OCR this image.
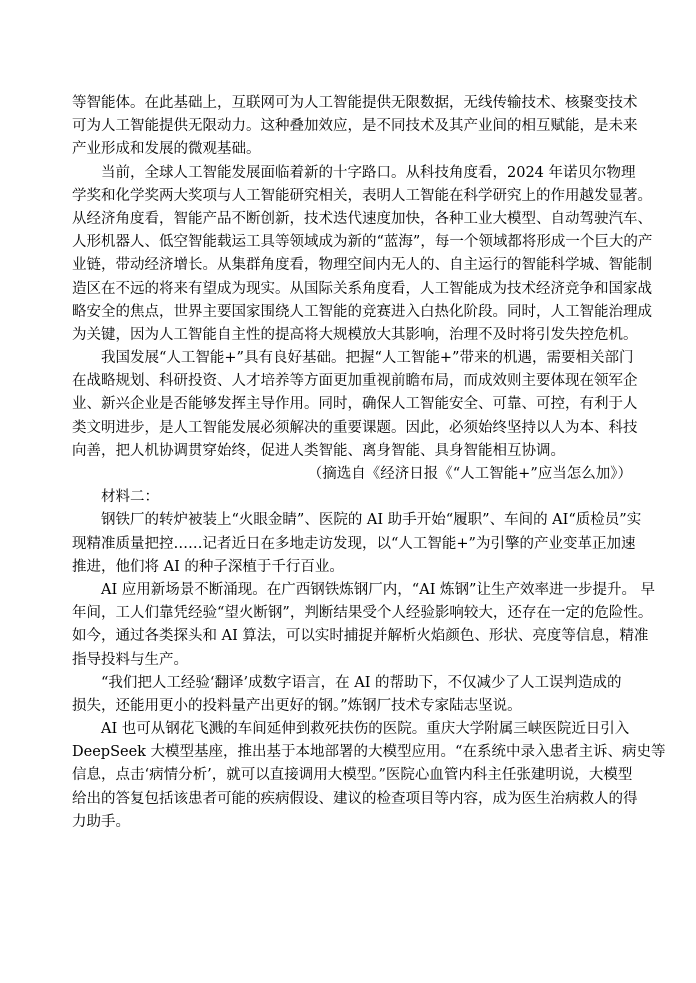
等智能体。在此基础上，互联网可为人工智能提供无限数据，无线传输技术、核聚变技术
可为人工智能提供无限动力。这种叠加效应，是不同技术及其产业间的相互赋能，是未来
产业形成和发展的微观基础。
当前，全球人工智能发展面临着新的十字路口。从科技角度看，2024 年诺贝尔物理
学奖和化学奖两大奖项与人工智能研究相关，表明人工智能在科学研究上的作用越发显著。
从经济角度看，智能产品不断创新，技术迭代速度加快，各种工业大模型、自动驾驶汽车、
人形机器人、低空智能载运工具等领域成为新的“蓝海”，每一个领域都将形成一个巨大的产
业链，带动经济增长。从集群角度看，物理空间内无人的、自主运行的智能科学城、智能制
造区在不远的将来有望成为现实。从国际关系角度看，人工智能成为技术经济竞争和国家战
略安全的焦点，世界主要国家围绕人工智能的竞赛进入白热化阶段。同时，人工智能治理成
为关键，因为人工智能自主性的提高将大规模放大其影响，治理不及时将引发失控危机。
我国发展“人工智能+”具有良好基础。把握“人工智能+”带来的机遇，需要相关部门
在战略规划、科研投资、人才培养等方面更加重视前瞻布局，而成效则主要体现在领军企
业、新兴企业是否能够发挥主导作用。同时，确保人工智能安全、可靠、可控，有利于人
类文明进步，是人工智能发展必须解决的重要课题。因此，必须始终坚持以人为本、科技
向善，把人机协调贯穿始终，促进人类智能、离身智能、具身智能相互协调。
（摘选自《经济日报《“人工智能+”应当怎么加》）
材料二：
钢铁厂的转炉被装上“火眼金睛”、医院的 AI 助手开始“履职”、车间的 AI“质检员”实
现精准质量把控……记者近日在多地走访发现，以“人工智能+”为引擎的产业变革正加速
推进，他们将 AI 的种子深植于千行百业。
AI 应用新场景不断涌现。在广西钢铁炼钢厂内，“AI 炼钢”让生产效率进一步提升。 早
年间，工人们靠凭经验“望火断钢”，判断结果受个人经验影响较大，还存在一定的危险性。
如今，通过各类探头和 AI 算法，可以实时捕捉并解析火焰颜色、形状、亮度等信息，精准
指导投料与生产。
“我们把人工经验‘翻译’成数字语言，在 AI 的帮助下，不仅减少了人工误判造成的
损失，还能用更小的投料量产出更好的钢。”炼钢厂技术专家陆志坚说。
AI 也可从钢花飞溅的车间延伸到救死扶伤的医院。重庆大学附属三峡医院近日引入
DeepSeek 大模型基座，推出基于本地部署的大模型应用。“在系统中录入患者主诉、病史等
信息，点击‘病情分析’，就可以直接调用大模型。”医院心血管内科主任张建明说，大模型
给出的答复包括该患者可能的疾病假设、建议的检查项目等内容，成为医生治病救人的得
力助手。
